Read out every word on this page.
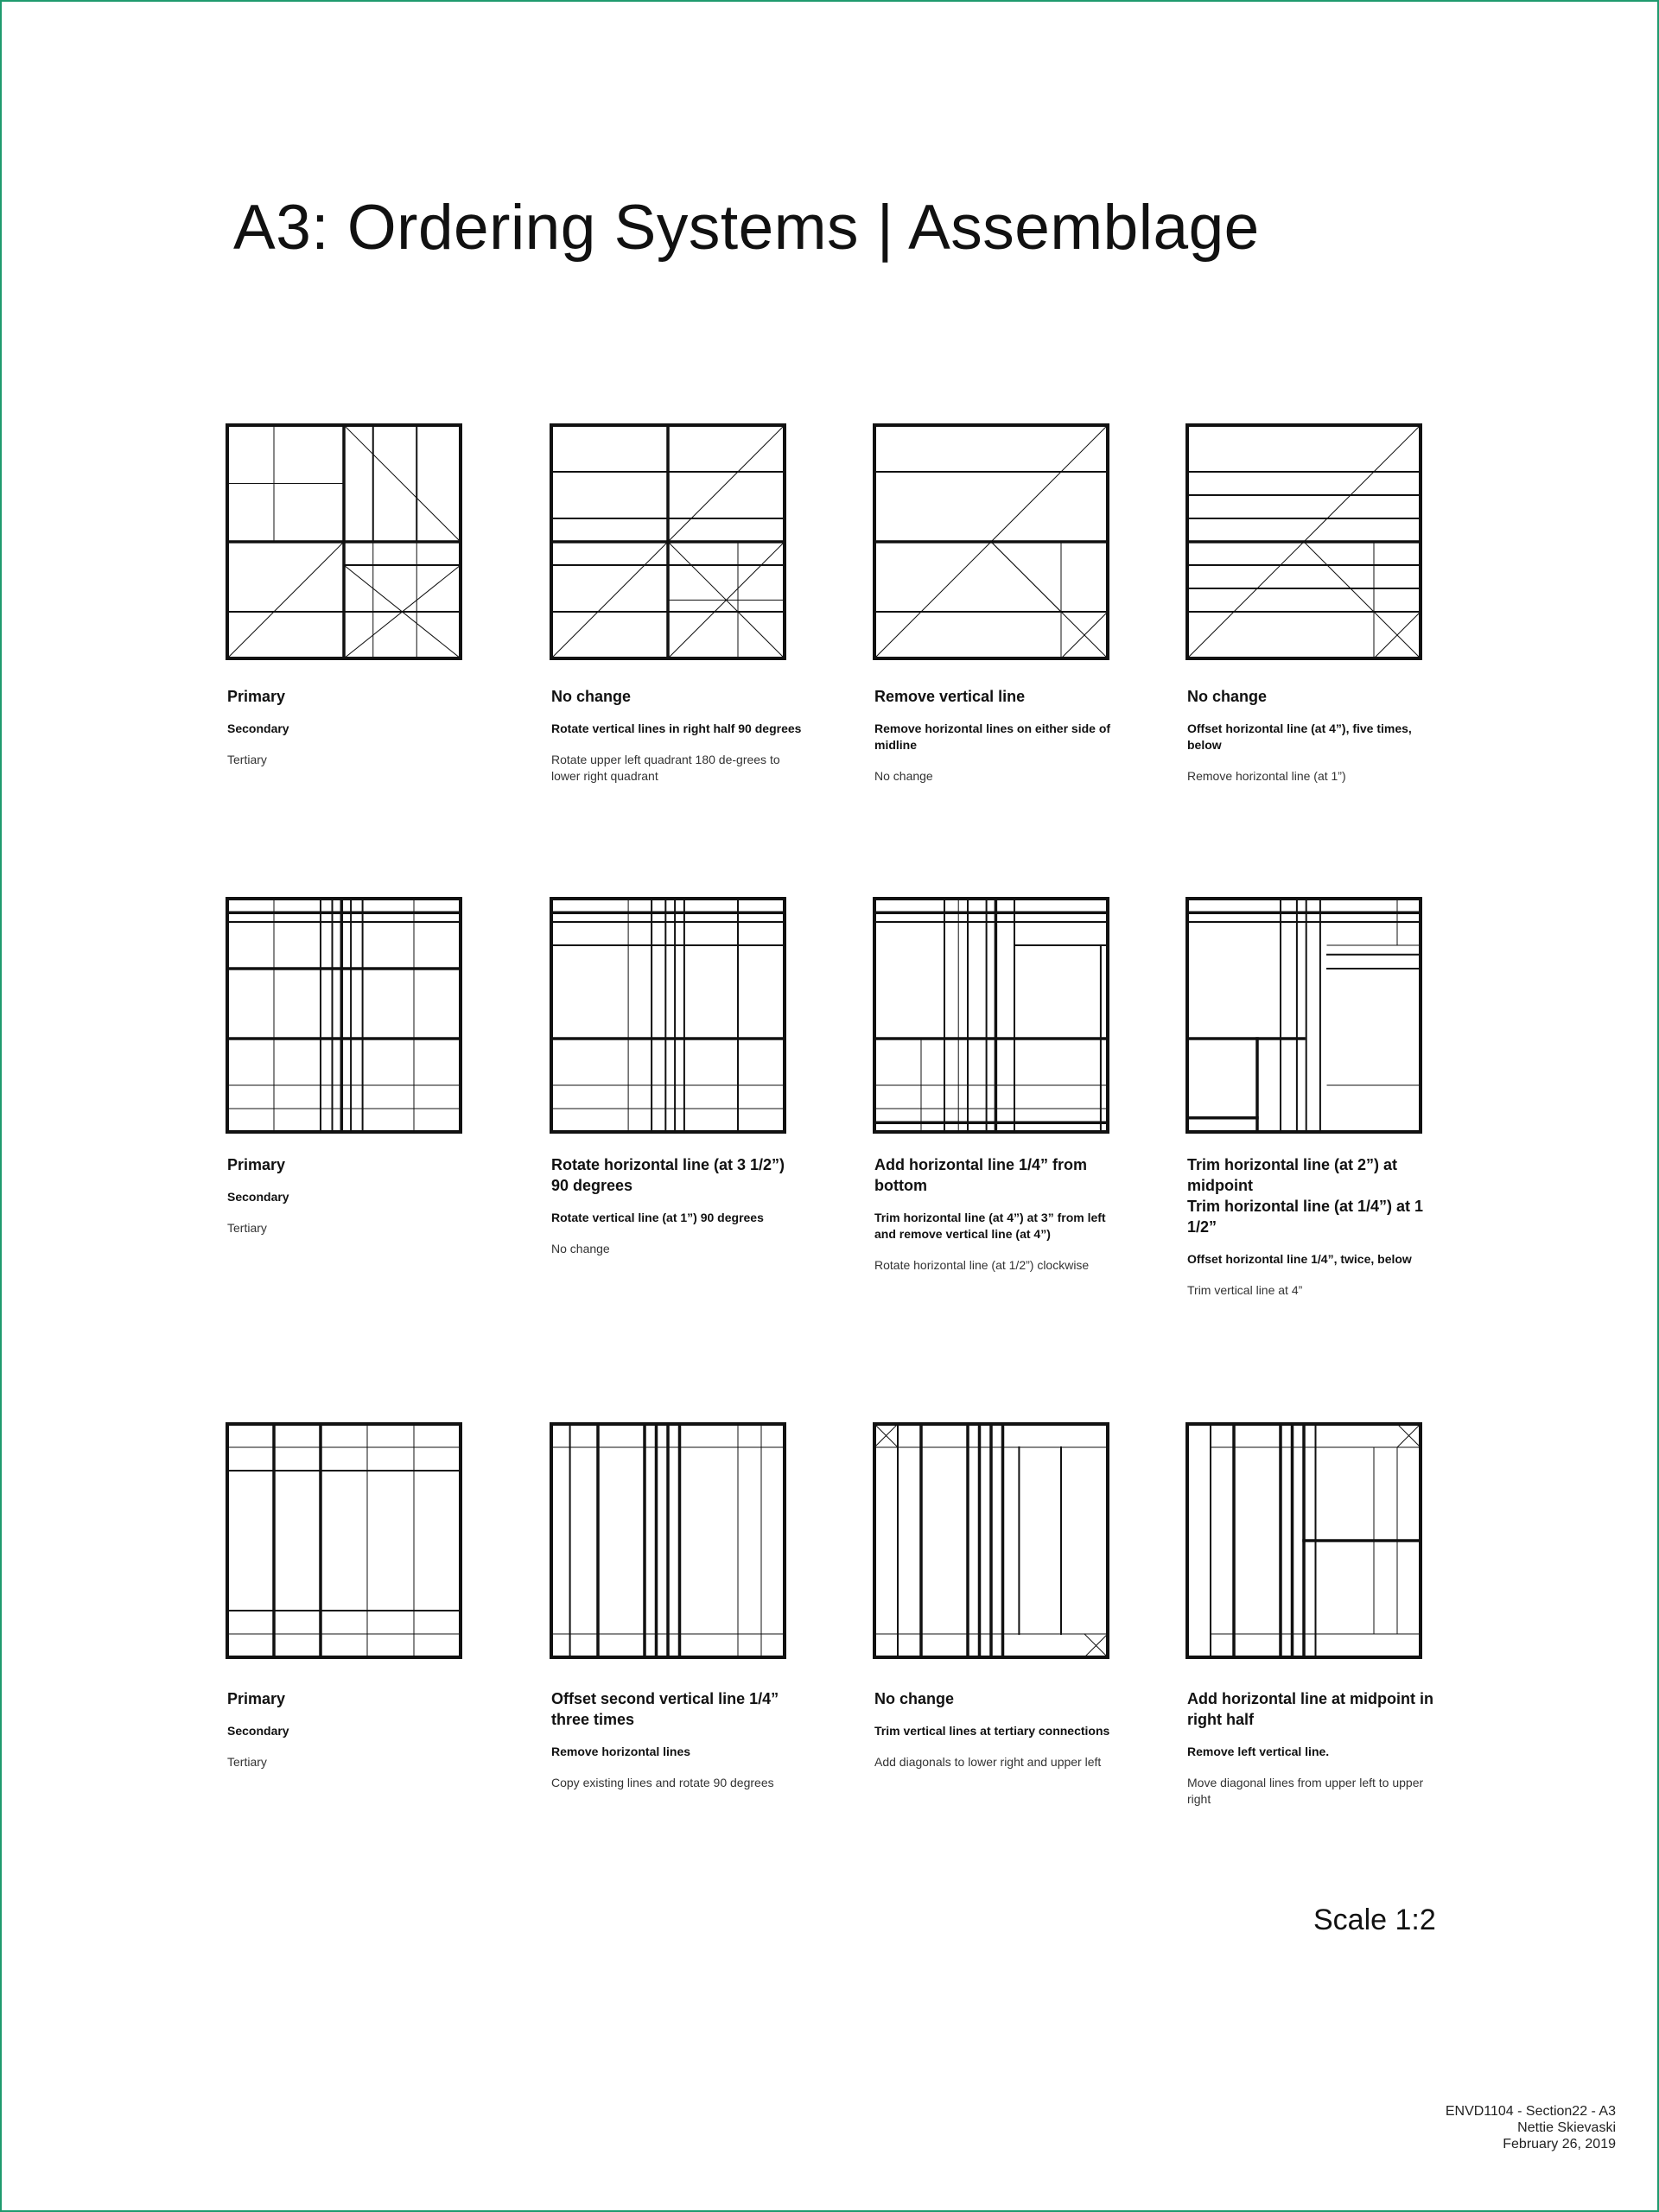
A3: Ordering Systems | Assemblage
Primary
Secondary
Tertiary
No change
Rotate vertical lines in right half 90 degrees
Rotate upper left quadrant 180 de-grees to lower right quadrant
Remove vertical line
Remove horizontal lines on either side of midline
No change
No change
Offset horizontal line (at 4”), five times, below
Remove horizontal line (at 1”)
Primary
Secondary
Tertiary
Rotate horizontal line (at 3 1/2”) 90 degrees
Rotate vertical line (at 1”) 90 degrees
No change
Add horizontal line 1/4” from bottom
Trim horizontal line (at 4”) at 3” from left and remove vertical line (at 4”)
Rotate horizontal line (at 1/2”) clockwise
Trim horizontal line (at 2”) at midpoint
Trim horizontal line (at 1/4”) at 1 1/2”
Offset horizontal line 1/4”, twice, below
Trim vertical line at 4”
Primary
Secondary
Tertiary
Offset second vertical line 1/4” three times
Remove horizontal lines
Copy existing lines and rotate 90 degrees
No change
Trim vertical lines at tertiary connections
Add diagonals to lower right and upper left
Add horizontal line at midpoint in right half
Remove left vertical line.
Move diagonal lines from upper left to upper right
Scale 1:2
ENVD1104 - Section22 - A3
Nettie Skievaski
February 26, 2019
